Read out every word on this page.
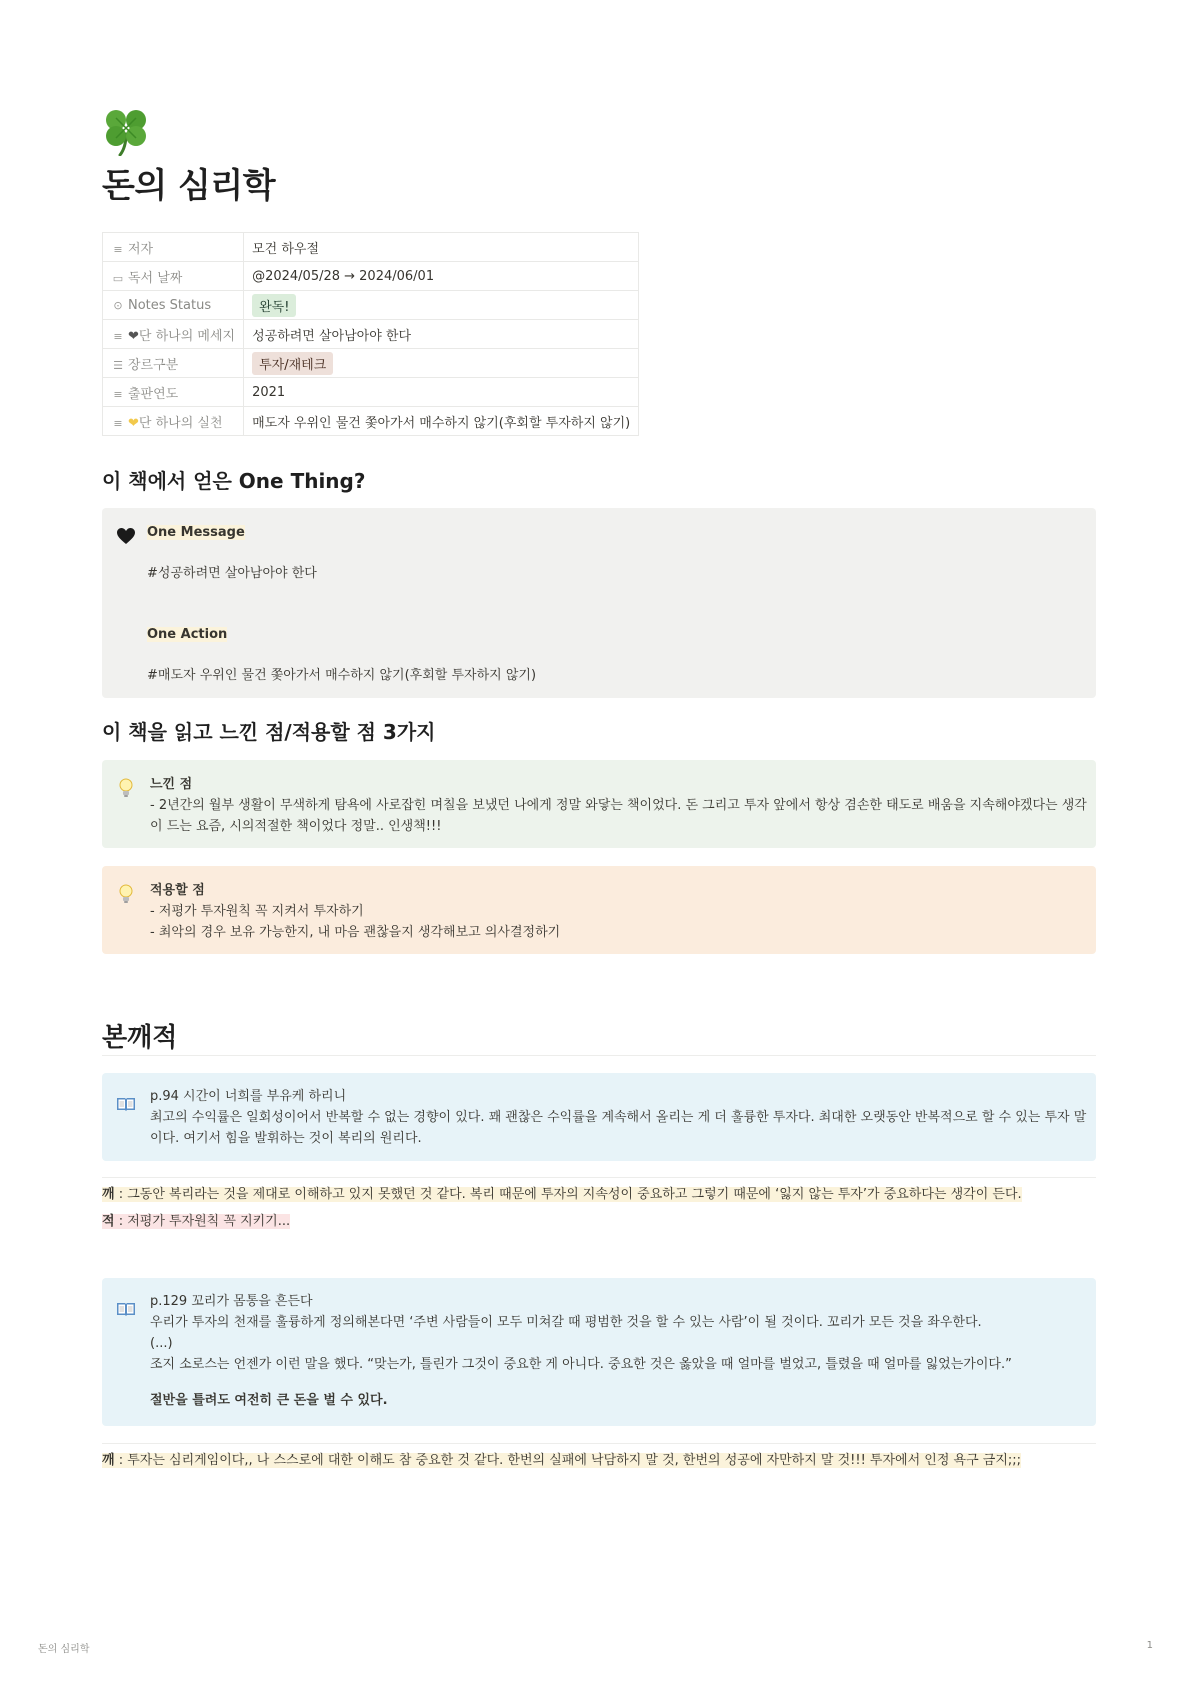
돈의 심리학
≡ 저자	모건 하우절
▭ 독서 날짜	@2024/05/28 → 2024/06/01
⊙ Notes Status	완독!
≡ ❤단 하나의 메세지	성공하려면 살아남아야 한다
☰ 장르구분	투자/재테크
≡ 출판연도	2021
≡ ❤단 하나의 실천	매도자 우위인 물건 쫓아가서 매수하지 않기(후회할 투자하지 않기)
이 책에서 얻은 One Thing?
One Message
#성공하려면 살아남아야 한다
One Action
#매도자 우위인 물건 쫓아가서 매수하지 않기(후회할 투자하지 않기)
이 책을 읽고 느낀 점/적용할 점 3가지
느낀 점
- 2년간의 월부 생활이 무색하게 탐욕에 사로잡힌 며칠을 보냈던 나에게 정말 와닿는 책이었다. 돈 그리고 투자 앞에서 항상 겸손한 태도로 배움을 지속해야겠다는 생각
이 드는 요즘, 시의적절한 책이었다 정말.. 인생책!!!
적용할 점
- 저평가 투자원칙 꼭 지켜서 투자하기
- 최악의 경우 보유 가능한지, 내 마음 괜찮을지 생각해보고 의사결정하기
본깨적
p.94 시간이 너희를 부유케 하리니
최고의 수익률은 일회성이어서 반복할 수 없는 경향이 있다. 꽤 괜찮은 수익률을 계속해서 올리는 게 더 훌륭한 투자다. 최대한 오랫동안 반복적으로 할 수 있는 투자 말
이다. 여기서 힘을 발휘하는 것이 복리의 원리다.
깨 : 그동안 복리라는 것을 제대로 이해하고 있지 못했던 것 같다. 복리 때문에 투자의 지속성이 중요하고 그렇기 때문에 ‘잃지 않는 투자’가 중요하다는 생각이 든다.
적 : 저평가 투자원칙 꼭 지키기...
p.129 꼬리가 몸통을 흔든다
우리가 투자의 천재를 훌륭하게 정의해본다면 ‘주변 사람들이 모두 미쳐갈 때 평범한 것을 할 수 있는 사람’이 될 것이다. 꼬리가 모든 것을 좌우한다.
(...)
조지 소로스는 언젠가 이런 말을 했다. “맞는가, 틀린가 그것이 중요한 게 아니다. 중요한 것은 옳았을 때 얼마를 벌었고, 틀렸을 때 얼마를 잃었는가이다.”
절반을 틀려도 여전히 큰 돈을 벌 수 있다.
깨 : 투자는 심리게임이다,, 나 스스로에 대한 이해도 참 중요한 것 같다. 한번의 실패에 낙담하지 말 것, 한번의 성공에 자만하지 말 것!!! 투자에서 인정 욕구 금지;;;
돈의 심리학	1
